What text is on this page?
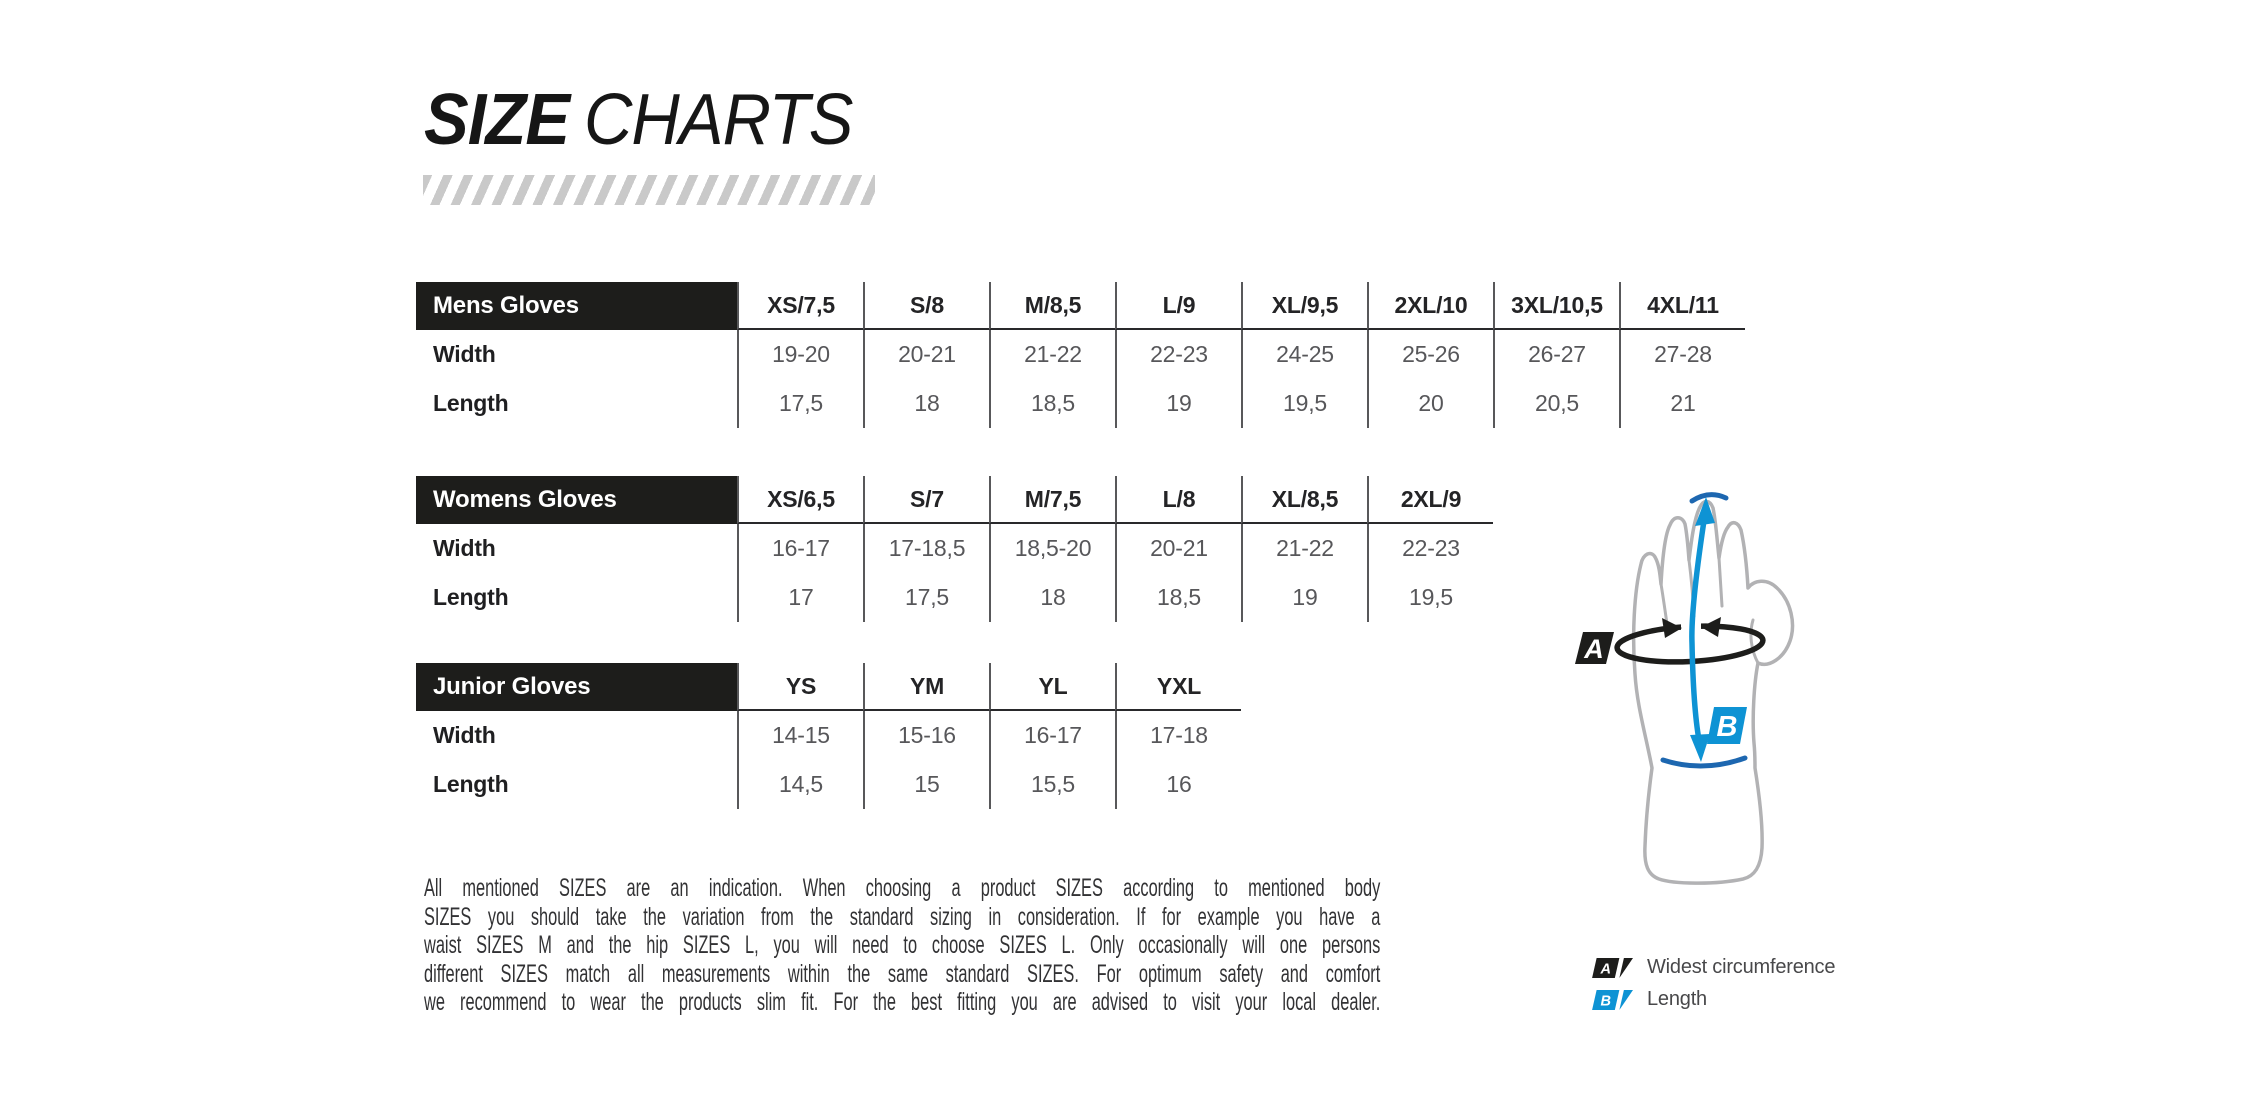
SIZE CHARTS
Mens Gloves	XS/7,5	S/8	M/8,5	L/9	XL/9,5	2XL/10	3XL/10,5	4XL/11
Width	19-20	20-21	21-22	22-23	24-25	25-26	26-27	27-28
Length	17,5	18	18,5	19	19,5	20	20,5	21
Womens Gloves	XS/6,5	S/7	M/7,5	L/8	XL/8,5	2XL/9
Width	16-17	17-18,5	18,5-20	20-21	21-22	22-23
Length	17	17,5	18	18,5	19	19,5
Junior Gloves	YS	YM	YL	YXL
Width	14-15	15-16	16-17	17-18
Length	14,5	15	15,5	16
All mentioned SIZES are an indication. When choosing a product SIZES according to mentioned body
SIZES you should take the variation from the standard sizing in consideration. If for example you have a
waist SIZES M and the hip SIZES L, you will need to choose SIZES L. Only occasionally will one persons
different SIZES match all measurements within the same standard SIZES. For optimum safety and comfort
we recommend to wear the products slim fit. For the best fitting you are advised to visit your local dealer.
A
B
A Widest circumference
B Length
